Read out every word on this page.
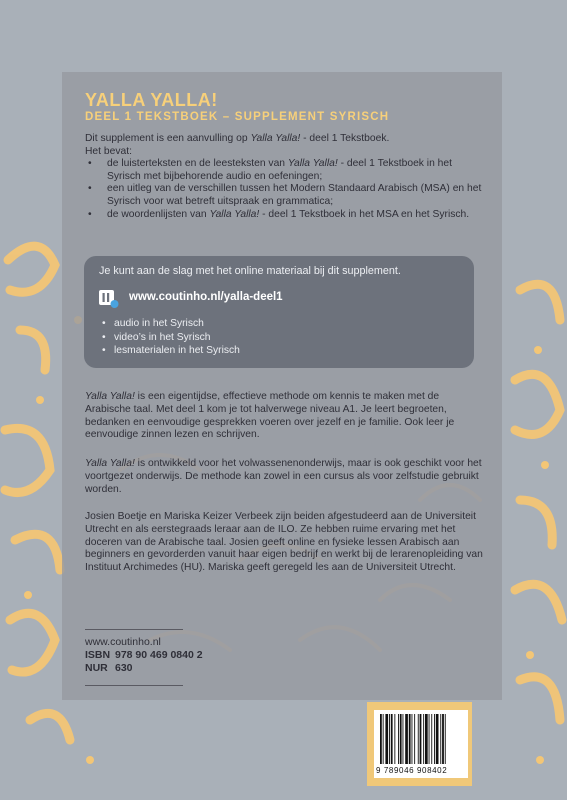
YALLA YALLA!
DEEL 1 TEKSTBOEK – SUPPLEMENT SYRISCH

Dit supplement is een aanvulling op Yalla Yalla! - deel 1 Tekstboek.

Het bevat:

• de luisterteksten en de leesteksten van Yalla Yalla! - deel 1 Tekstboek in het Syrisch met bijbehorende audio en oefeningen;
• een uitleg van de verschillen tussen het Modern Standaard Arabisch (MSA) en het Syrisch voor wat betreft uitspraak en grammatica;
• de woordenlijsten van Yalla Yalla! - deel 1 Tekstboek in het MSA en het Syrisch.
Je kunt aan de slag met het online materiaal bij dit supplement.
www.coutinho.nl/yalla-deel1
• audio in het Syrisch
• video’s in het Syrisch
• lesmaterialen in het Syrisch

Yalla Yalla! is een eigentijdse, effectieve methode om kennis te maken met de Arabische taal. Met deel 1 kom je tot halverwege niveau A1. Je leert begroeten, bedanken en eenvoudige gesprekken voeren over jezelf en je familie. Ook leer je eenvoudige zinnen lezen en schrijven.

Yalla Yalla! is ontwikkeld voor het volwassenenonderwijs, maar is ook geschikt voor het voortgezet onderwijs. De methode kan zowel in een cursus als voor zelfstudie gebruikt worden.

Josien Boetje en Mariska Keizer Verbeek zijn beiden afgestudeerd aan de Universiteit Utrecht en als eerstegraads leraar aan de ILO. Ze hebben ruime ervaring met het doceren van de Arabische taal. Josien geeft online en fysieke lessen Arabisch aan beginners en gevorderden vanuit haar eigen bedrijf en werkt bij de lerarenopleiding van Instituut Archimedes (HU). Mariska geeft geregeld les aan de Universiteit Utrecht.

www.coutinho.nl
ISBN 978 90 469 0840 2
NUR 630
9 789046 908402
